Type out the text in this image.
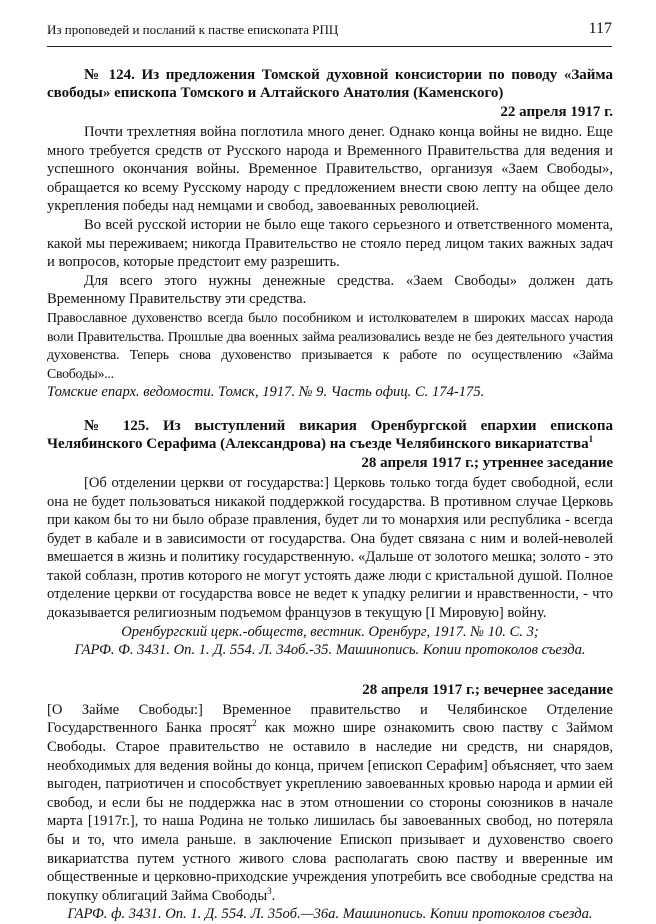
Из проповедей и посланий к пастве епископата РПЦ	117

№ 124. Из предложения Томской духовной консистории по поводу «Займа свободы» епископа Томского и Алтайского Анатолия (Каменского)

22 апреля 1917 г.

Почти трехлетняя война поглотила много денег. Однако конца войны не видно. Еще много требуется средств от Русского народа и Временного Правительства для ведения и успешного окончания войны. Временное Правительство, организуя «Заем Свободы», обращается ко всему Русскому народу с предложением внести свою лепту на общее дело укрепления победы над немцами и свобод, завоеванных революцией.

Во всей русской истории не было еще такого серьезного и ответственного момента, какой мы переживаем; никогда Правительство не стояло перед лицом таких важных задач и вопросов, которые предстоит ему разрешить.

Для всего этого нужны денежные средства. «Заем Свободы» должен дать Временному Правительству эти средства.

Православное духовенство всегда было пособником и истолкователем в широких массах народа воли Правительства. Прошлые два военных займа реализовались везде не без деятельного участия духовенства. Теперь снова духовенство призывается к работе по осуществлению «Займа Свободы»...

Томские епарх. ведомости. Томск, 1917. № 9. Часть офиц. С. 174-175.

№ 125. Из выступлений викария Оренбургской епархии епископа Челябинского Серафима (Александрова) на съезде Челябинского викариатства$^1$

28 апреля 1917 г.; утреннее заседание

[Об отделении церкви от государства:] Церковь только тогда будет свободной, если она не будет пользоваться никакой поддержкой государства. В противном случае Церковь при каком бы то ни было образе правления, будет ли то монархия или республика - всегда будет в кабале и в зависимости от государства. Она будет связана с ним и волей-неволей вмешается в жизнь и политику государственную. «Дальше от золотого мешка; золото - это такой соблазн, против которого не могут устоять даже люди с кристальной душой. Полное отделение церкви от государства вовсе не ведет к упадку религии и нравственности, - что доказывается религиозным подъемом французов в текущую [I Мировую] войну.

Оренбургский церк.-обществ, вестник. Оренбург, 1917. № 10. С. 3;

ГАРФ. Ф. 3431. Оп. 1. Д. 554. Л. 34об.-35. Машинопись. Копии протоколов съезда.

28 апреля 1917 г.; вечернее заседание

[О Займе Свободы:] Временное правительство и Челябинское Отделение Государственного Банка просят$^2$ как можно шире ознакомить свою паству с Займом Свободы. Старое правительство не оставило в наследие ни средств, ни снарядов, необходимых для ведения войны до конца, причем [епископ Серафим] объясняет, что заем выгоден, патриотичен и способствует укреплению завоеванных кровью народа и армии ей свобод, и если бы не поддержка нас в этом отношении со стороны союзников в начале марта [1917г.], то наша Родина не только лишилась бы завоеванных свобод, но потеряла бы и то, что имела раньше. в заключение Епископ призывает и духовенство своего викариатства путем устного живого слова располагать свою паству и вверенные им общественные и церковно-приходские учреждения употребить все свободные средства на покупку облигаций Займа Свободы$^3$.

ГАРФ. ф. 3431. Оп. 1. Д. 554. Л. 35об.—36а. Машинопись. Копии протоколов съезда.
